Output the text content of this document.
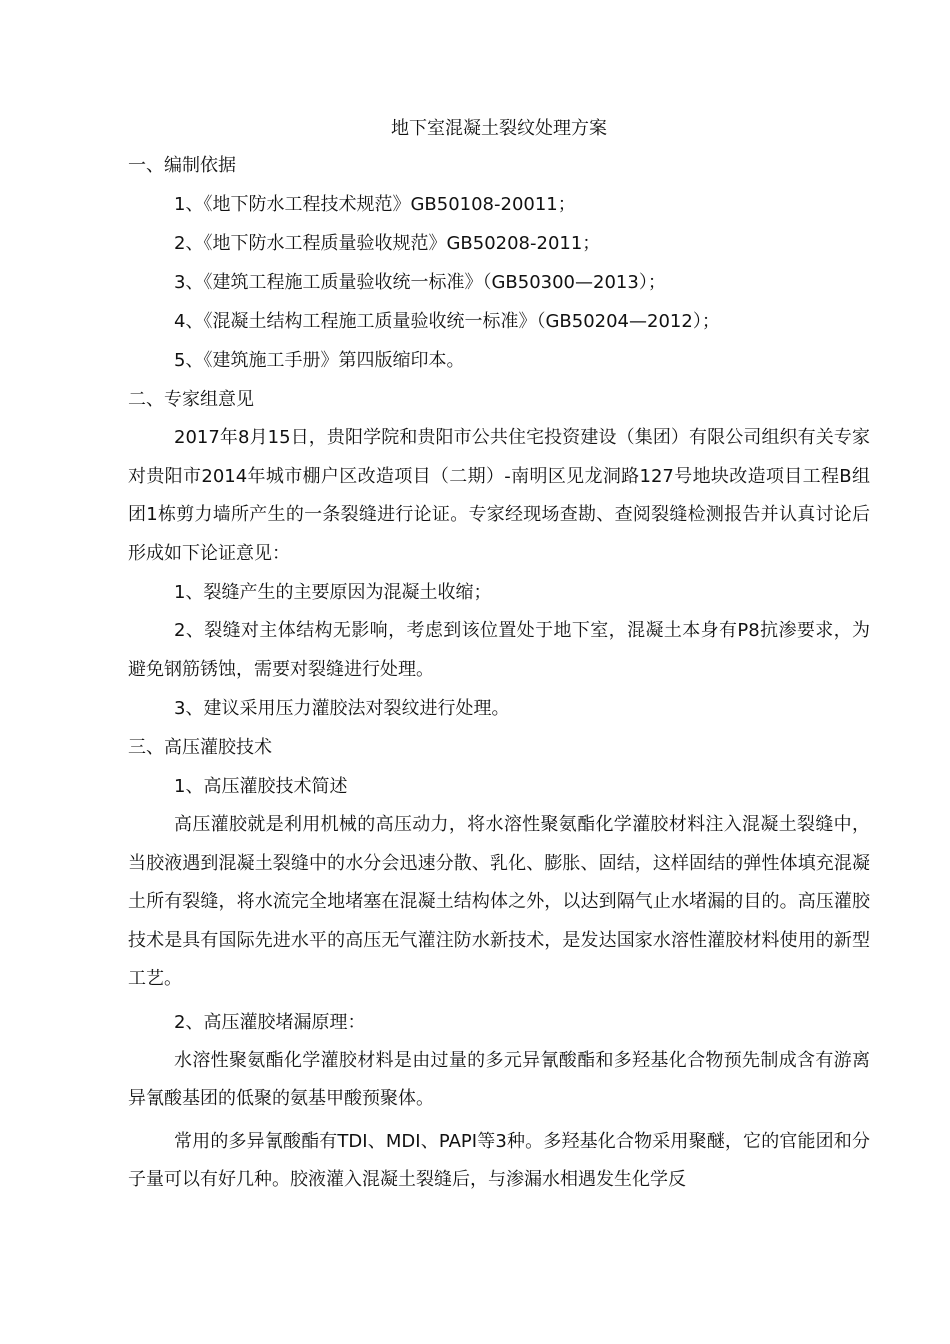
地下室混凝土裂纹处理方案

一、编制依据

1、《地下防水工程技术规范》GB50108-20011；

2、《地下防水工程质量验收规范》GB50208-2011；

3、《建筑工程施工质量验收统一标准》（GB50300—2013）；

4、《混凝土结构工程施工质量验收统一标准》（GB50204—2012）；

5、《建筑施工手册》第四版缩印本。

二、专家组意见

2017年8月15日，贵阳学院和贵阳市公共住宅投资建设（集团）有限公司组织有关专家对贵阳市2014年城市棚户区改造项目（二期）-南明区见龙洞路127号地块改造项目工程B组团1栋剪力墙所产生的一条裂缝进行论证。专家经现场查勘、查阅裂缝检测报告并认真讨论后形成如下论证意见：

1、裂缝产生的主要原因为混凝土收缩；

2、裂缝对主体结构无影响，考虑到该位置处于地下室，混凝土本身有P8抗渗要求，为避免钢筋锈蚀，需要对裂缝进行处理。

3、建议采用压力灌胶法对裂纹进行处理。

三、高压灌胶技术

1、高压灌胶技术简述

高压灌胶就是利用机械的高压动力，将水溶性聚氨酯化学灌胶材料注入混凝土裂缝中，当胶液遇到混凝土裂缝中的水分会迅速分散、乳化、膨胀、固结，这样固结的弹性体填充混凝土所有裂缝，将水流完全地堵塞在混凝土结构体之外，以达到隔气止水堵漏的目的。高压灌胶技术是具有国际先进水平的高压无气灌注防水新技术，是发达国家水溶性灌胶材料使用的新型工艺。

2、高压灌胶堵漏原理：

水溶性聚氨酯化学灌胶材料是由过量的多元异氰酸酯和多羟基化合物预先制成含有游离异氰酸基团的低聚的氨基甲酸预聚体。

常用的多异氰酸酯有TDI、MDI、PAPI等3种。多羟基化合物采用聚醚，它的官能团和分子量可以有好几种。胶液灌入混凝土裂缝后，与渗漏水相遇发生化学反
